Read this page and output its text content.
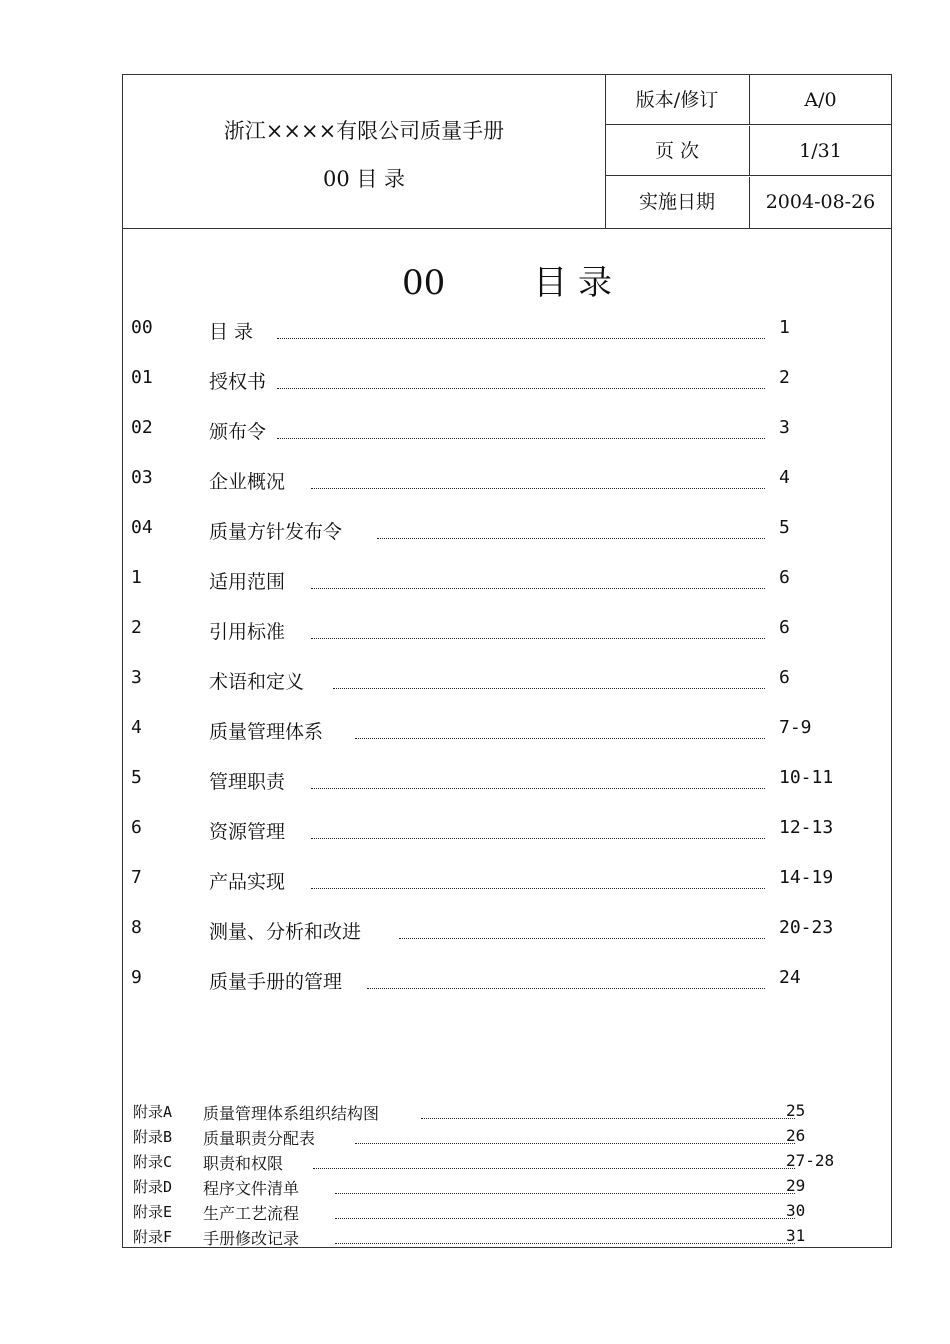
浙江××××有限公司质量手册
00 目 录
版本/修订	A/0
页 次	1/31
实施日期	2004-08-26
00	目 录
00	目 录	1
01	授权书	2
02	颁布令	3
03	企业概况	4
04	质量方针发布令	5
1	适用范围	6
2	引用标准	6
3	术语和定义	6
4	质量管理体系	7-9
5	管理职责	10-11
6	资源管理	12-13
7	产品实现	14-19
8	测量、分析和改进	20-23
9	质量手册的管理	24
附录A 质量管理体系组织结构图	25
附录B 质量职责分配表	26
附录C 职责和权限	27-28
附录D 程序文件清单	29
附录E 生产工艺流程	30
附录F 手册修改记录	31
